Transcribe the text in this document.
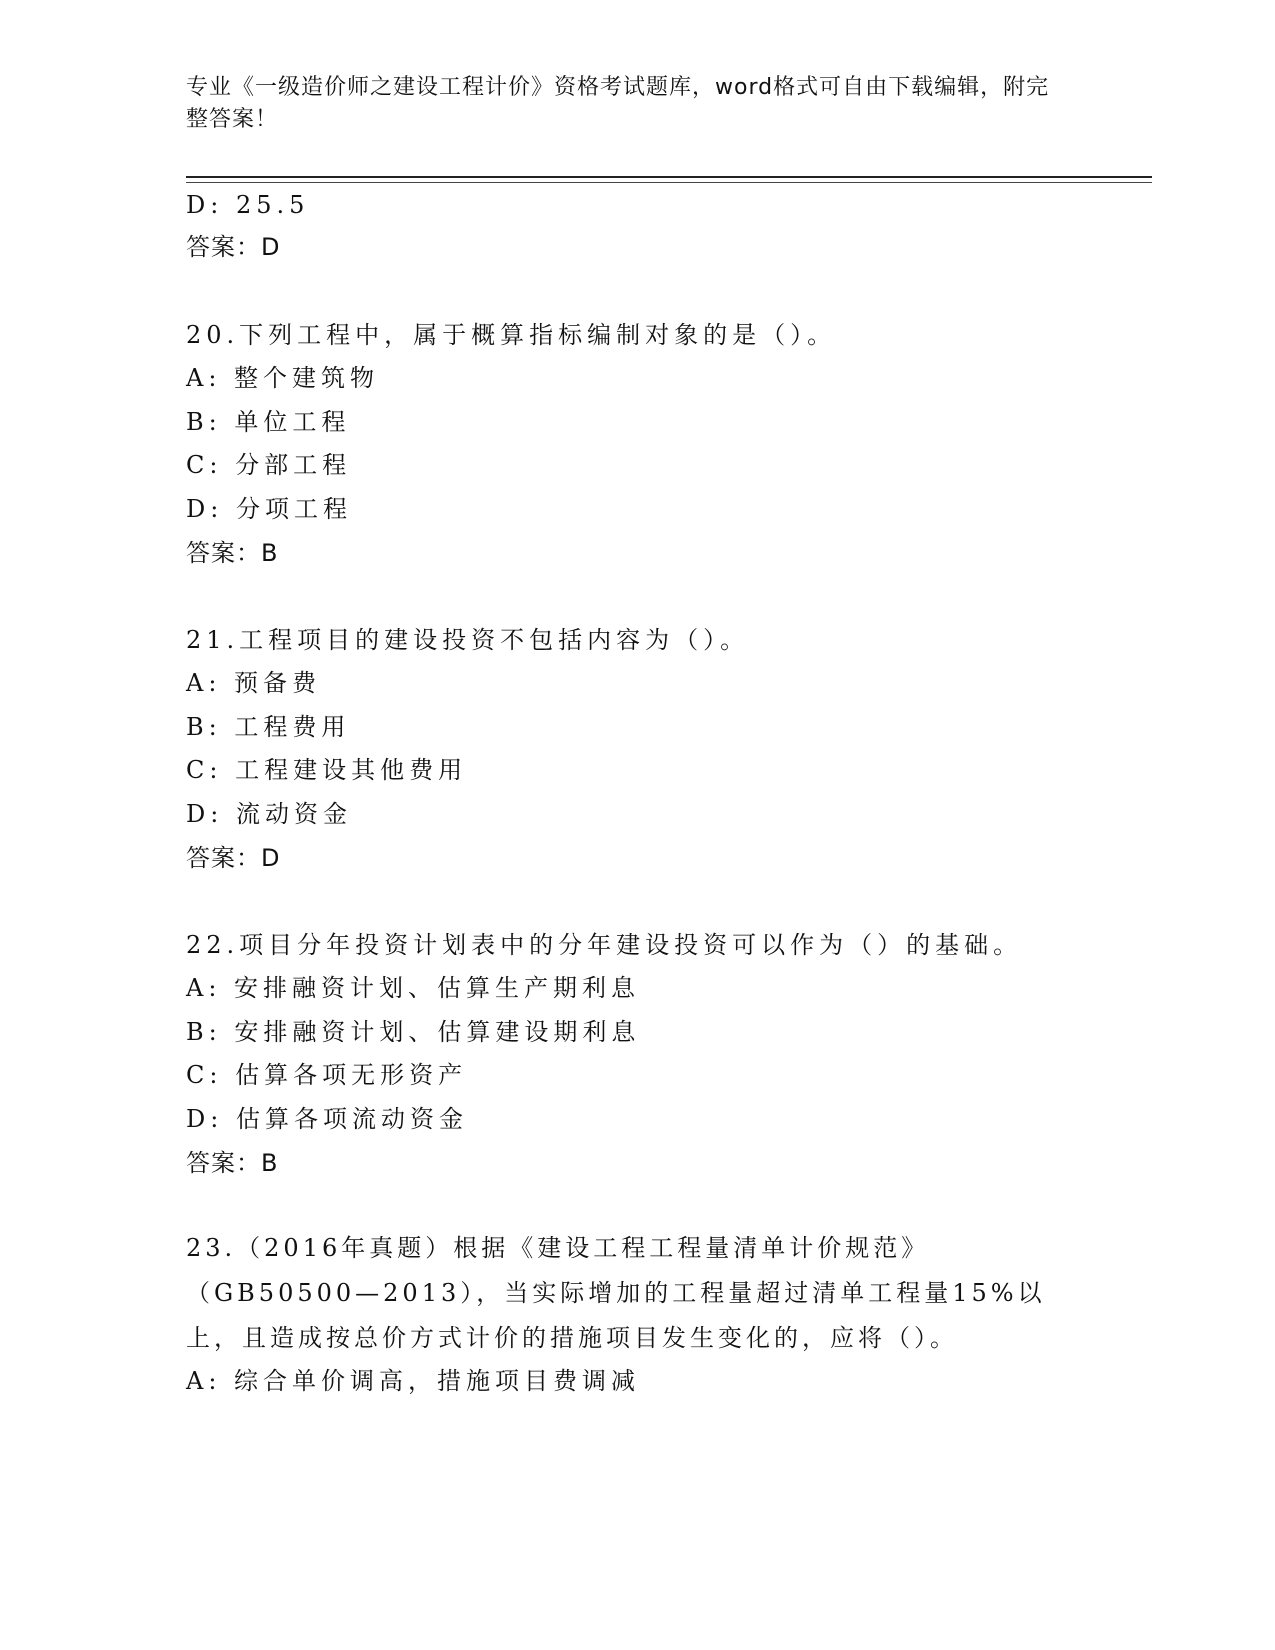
专业《一级造价师之建设工程计价》资格考试题库，word格式可自由下载编辑，附完整答案！
D: 25.5
答案：D
20.下列工程中，属于概算指标编制对象的是（）。
A: 整个建筑物
B: 单位工程
C: 分部工程
D: 分项工程
答案：B
21.工程项目的建设投资不包括内容为（）。
A: 预备费
B: 工程费用
C: 工程建设其他费用
D: 流动资金
答案：D
22.项目分年投资计划表中的分年建设投资可以作为（）的基础。
A: 安排融资计划、估算生产期利息
B: 安排融资计划、估算建设期利息
C: 估算各项无形资产
D: 估算各项流动资金
答案：B
23.（2016年真题）根据《建设工程工程量清单计价规范》（GB50500—2013），当实际增加的工程量超过清单工程量15%以上，且造成按总价方式计价的措施项目发生变化的，应将（）。
A: 综合单价调高，措施项目费调减
